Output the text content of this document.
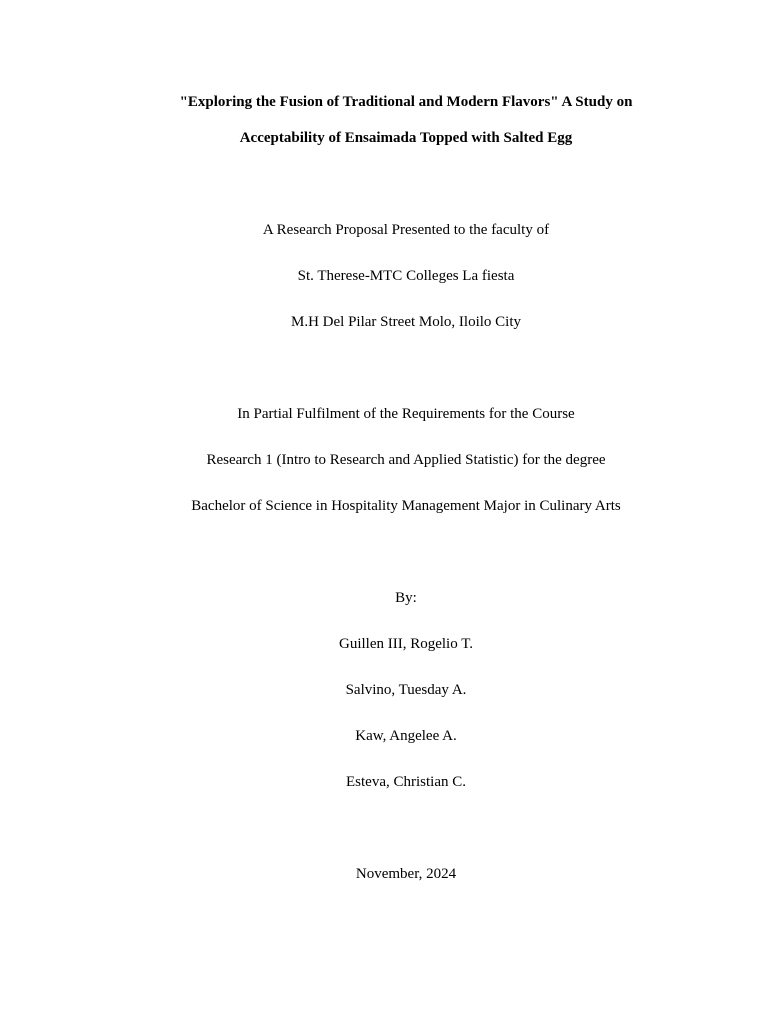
"Exploring the Fusion of Traditional and Modern Flavors" A Study on
Acceptability of Ensaimada Topped with Salted Egg
A Research Proposal Presented to the faculty of
St. Therese-MTC Colleges La fiesta
M.H Del Pilar Street Molo, Iloilo City
In Partial Fulfilment of the Requirements for the Course
Research 1 (Intro to Research and Applied Statistic) for the degree
Bachelor of Science in Hospitality Management Major in Culinary Arts
By:
Guillen III, Rogelio T.
Salvino, Tuesday A.
Kaw, Angelee A.
Esteva, Christian C.
November, 2024
